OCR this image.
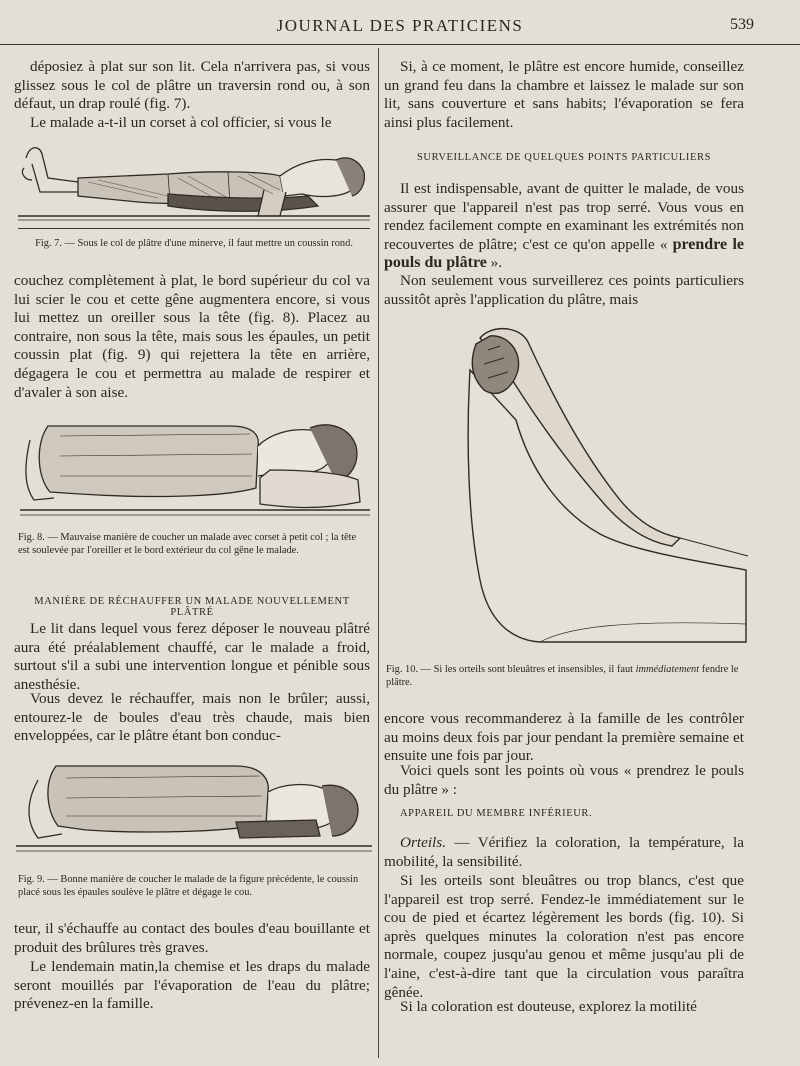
JOURNAL DES PRATICIENS	539

déposiez à plat sur son lit. Cela n'arrivera pas, si vous glissez sous le col de plâtre un traversin rond ou, à son défaut, un drap roulé (fig. 7).

Le malade a-t-il un corset à col officier, si vous le

Fig. 7. — Sous le col de plâtre d'une minerve, il faut mettre un coussin rond.

couchez complètement à plat, le bord supérieur du col va lui scier le cou et cette gêne augmentera encore, si vous lui mettez un oreiller sous la tête (fig. 8). Placez au contraire, non sous la tête, mais sous les épaules, un petit coussin plat (fig. 9) qui rejettera la tête en arrière, dégagera le cou et permettra au malade de respirer et d'avaler à son aise.

Fig. 8. — Mauvaise manière de coucher un malade avec corset à petit col ; la tête est soulevée par l'oreiller et le bord extérieur du col gêne le malade.

MANIÈRE DE RÉCHAUFFER UN MALADE NOUVELLEMENT PLÂTRÉ

Le lit dans lequel vous ferez déposer le nouveau plâtré aura été préalablement chauffé, car le malade a froid, surtout s'il a subi une intervention longue et pénible sous anesthésie.

Vous devez le réchauffer, mais non le brûler; aussi, entourez-le de boules d'eau très chaude, mais bien enveloppées, car le plâtre étant bon conduc-

Fig. 9. — Bonne manière de coucher le malade de la figure précédente, le coussin placé sous les épaules soulève le plâtre et dégage le cou.

teur, il s'échauffe au contact des boules d'eau bouillante et produit des brûlures très graves.

Le lendemain matin,la chemise et les draps du malade seront mouillés par l'évaporation de l'eau du plâtre; prévenez-en la famille.

Si, à ce moment, le plâtre est encore humide, conseillez un grand feu dans la chambre et laissez le malade sur son lit, sans couverture et sans habits; l'évaporation se fera ainsi plus facilement.

SURVEILLANCE DE QUELQUES POINTS PARTICULIERS

Il est indispensable, avant de quitter le malade, de vous assurer que l'appareil n'est pas trop serré. Vous vous en rendez facilement compte en examinant les extrémités non recouvertes de plâtre; c'est ce qu'on appelle « prendre le pouls du plâtre ».

Non seulement vous surveillerez ces points particuliers aussitôt après l'application du plâtre, mais

Fig. 10. — Si les orteils sont bleuâtres et insensibles, il faut immédiatement fendre le plâtre.

encore vous recommanderez à la famille de les contrôler au moins deux fois par jour pendant la première semaine et ensuite une fois par jour.

Voici quels sont les points où vous « prendrez le pouls du plâtre » :

APPAREIL DU MEMBRE INFÉRIEUR.

Orteils. — Vérifiez la coloration, la température, la mobilité, la sensibilité.

Si les orteils sont bleuâtres ou trop blancs, c'est que l'appareil est trop serré. Fendez-le immédiatement sur le cou de pied et écartez légèrement les bords (fig. 10). Si après quelques minutes la coloration n'est pas encore normale, coupez jusqu'au genou et même jusqu'au pli de l'aine, c'est-à-dire tant que la circulation vous paraîtra gênée.

Si la coloration est douteuse, explorez la motilité
